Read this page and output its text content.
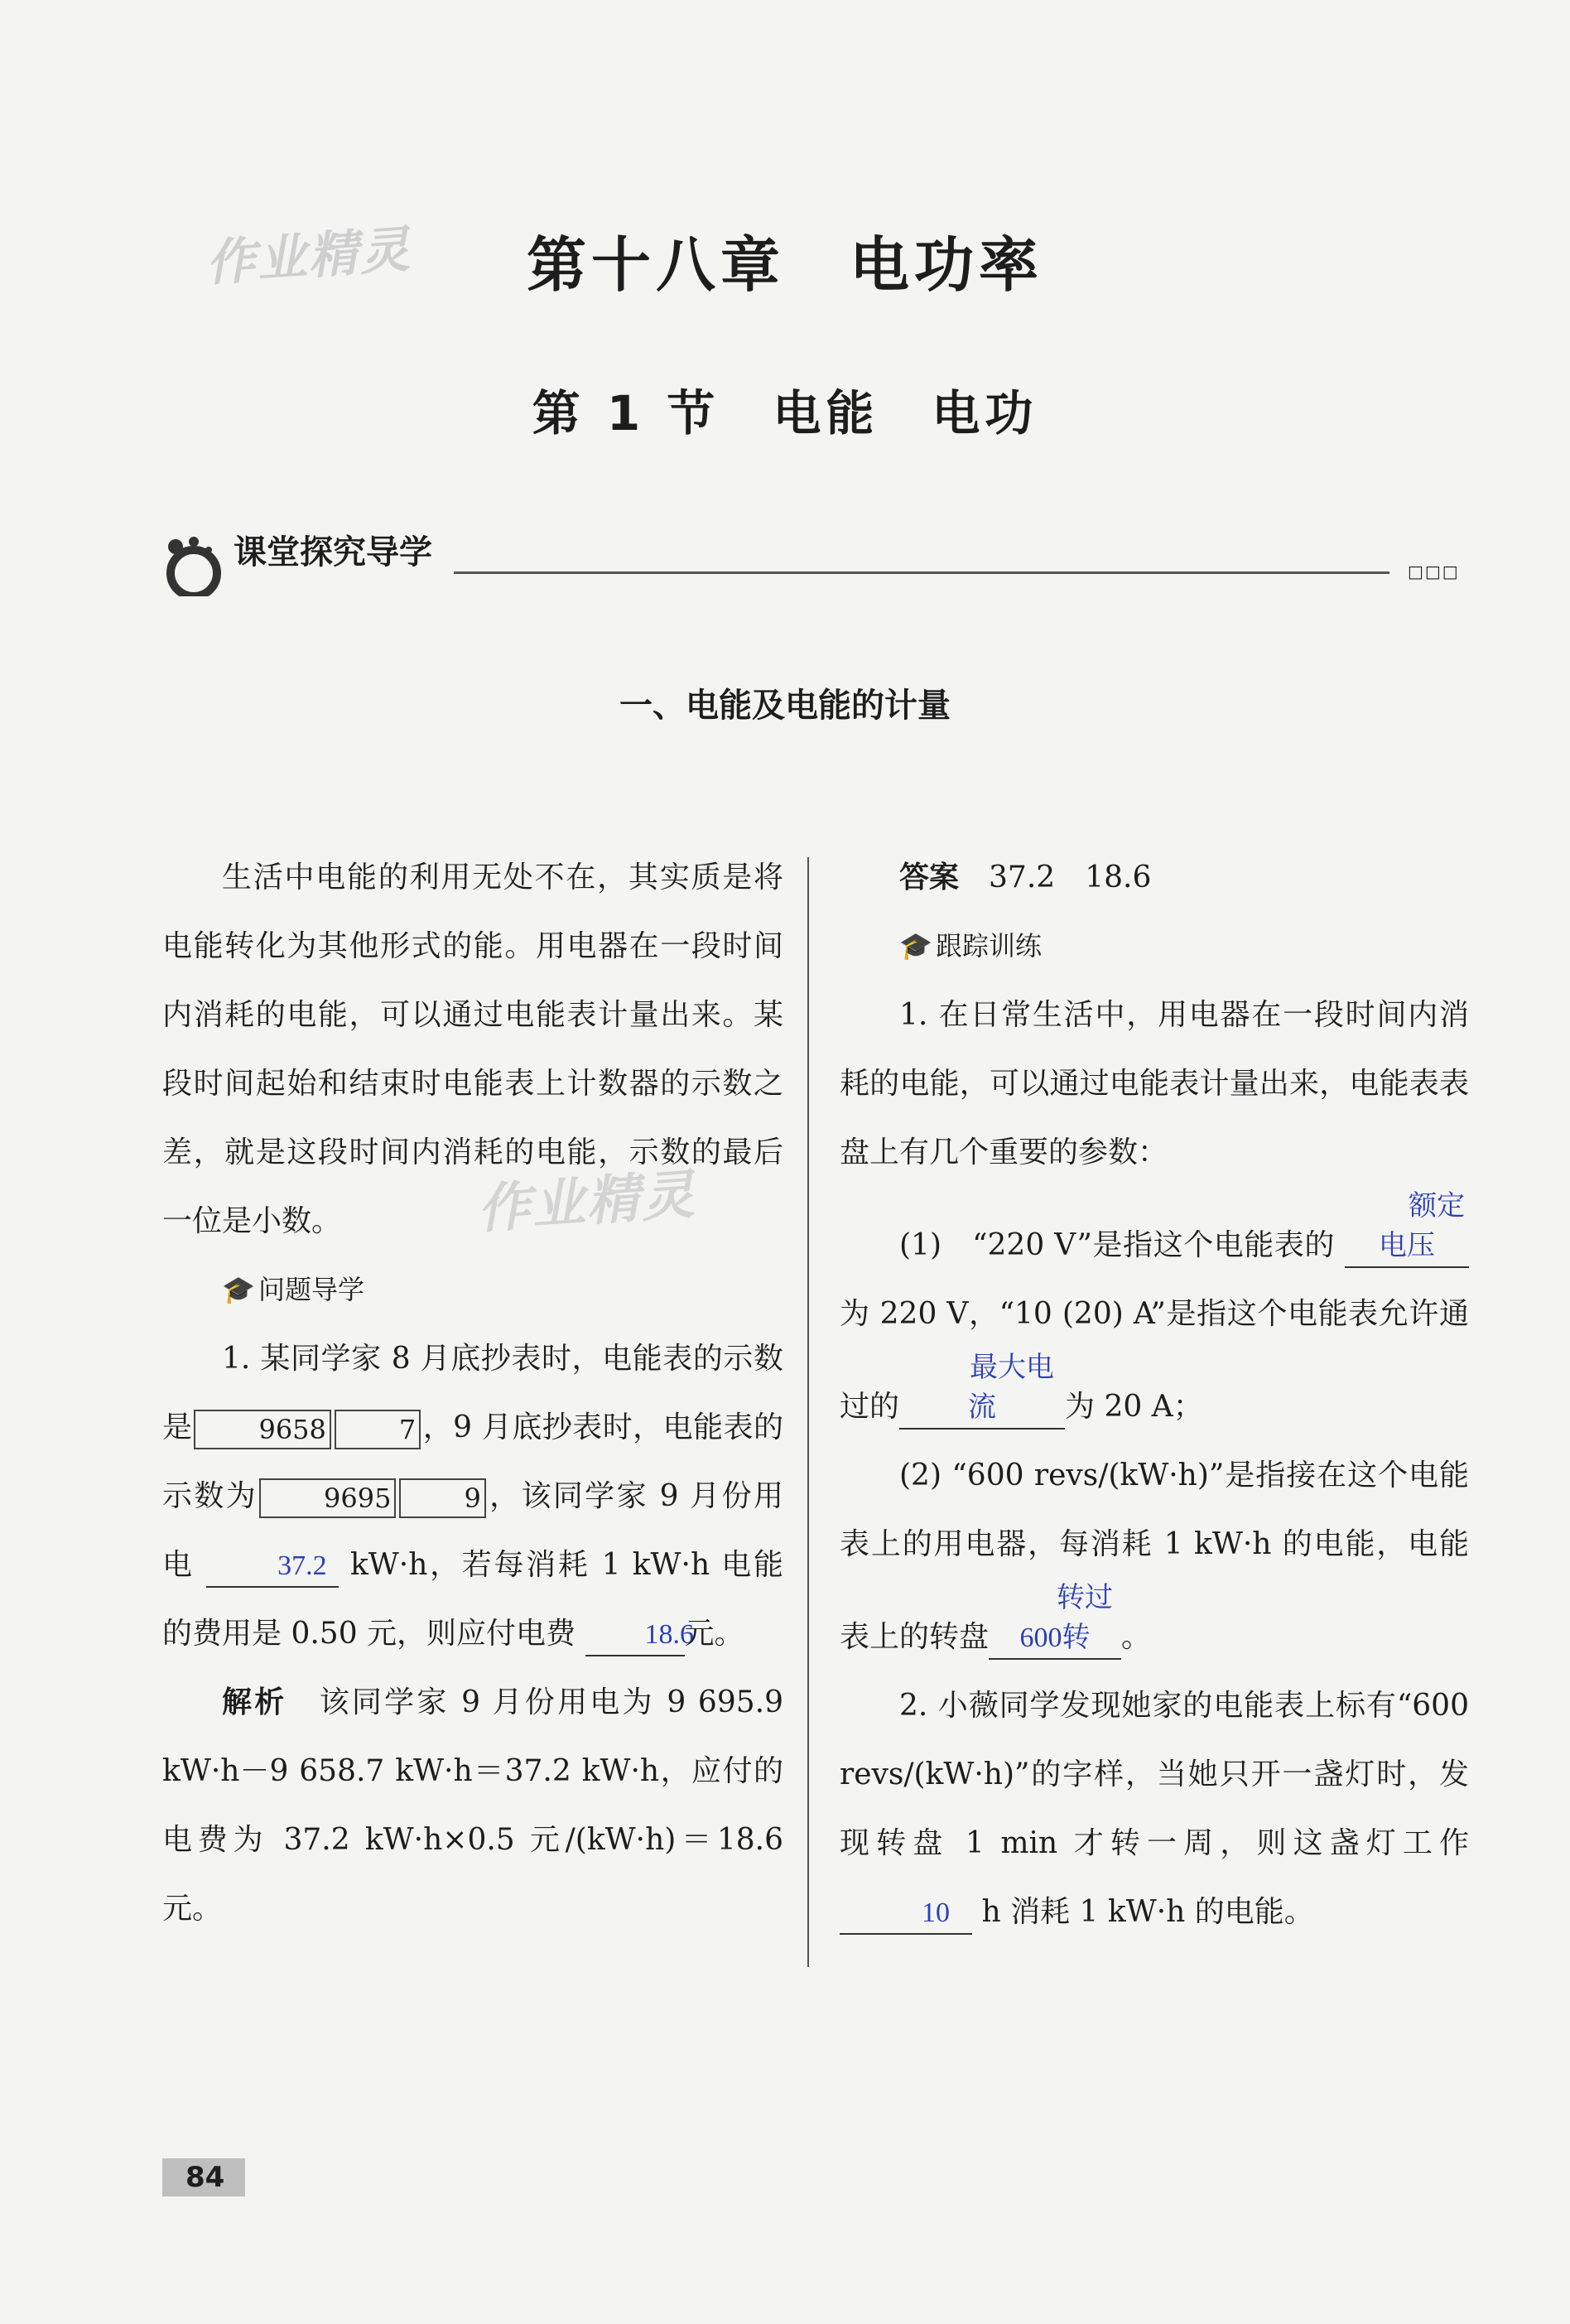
作业精灵
作业精灵
第十八章　电功率
第 1 节　电能　电功
课堂探究导学	□□□
一、电能及电能的计量

生活中电能的利用无处不在，其实质是将电能转化为其他形式的能。用电器在一段时间内消耗的电能，可以通过电能表计量出来。某段时间起始和结束时电能表上计数器的示数之差，就是这段时间内消耗的电能，示数的最后一位是小数。

🎓 问题导学

1. 某同学家 8 月底抄表时，电能表的示数是	9658	7 ，9 月底抄表时，电能表的示数为	9695	9 ，该同学家 9 月份用电	37.2 kW·h，若每消耗 1 kW·h 电能的费用是 0.50 元，则应付电费 18.6元。

解析　 该同学家 9 月份用电为 9 695.9 kW·h－9 658.7 kW·h＝37.2 kW·h，应付的电费为 37.2 kW·h×0.5 元/(kW·h)＝18.6 元。

答案　 37.2　18.6

🎓 跟踪训练

1. 在日常生活中，用电器在一段时间内消耗的电能，可以通过电能表计量出来，电能表表盘上有几个重要的参数：

(1)　“220 V”是指这个电能表的 额定电压为 220 V，“10 (20) A”是指这个电能表允许通过的最大电流 为 20 A；

(2) “600 revs/(kW·h)”是指接在这个电能表上的用电器，每消耗 1 kW·h 的电能，电能表上的转盘转过600转 。

2. 小薇同学发现她家的电能表上标有“600 revs/(kW·h)”的字样，当她只开一盏灯时，发现转盘 1 min 才转一周，则这盏灯工作10 h 消耗 1 kW·h 的电能。

84
